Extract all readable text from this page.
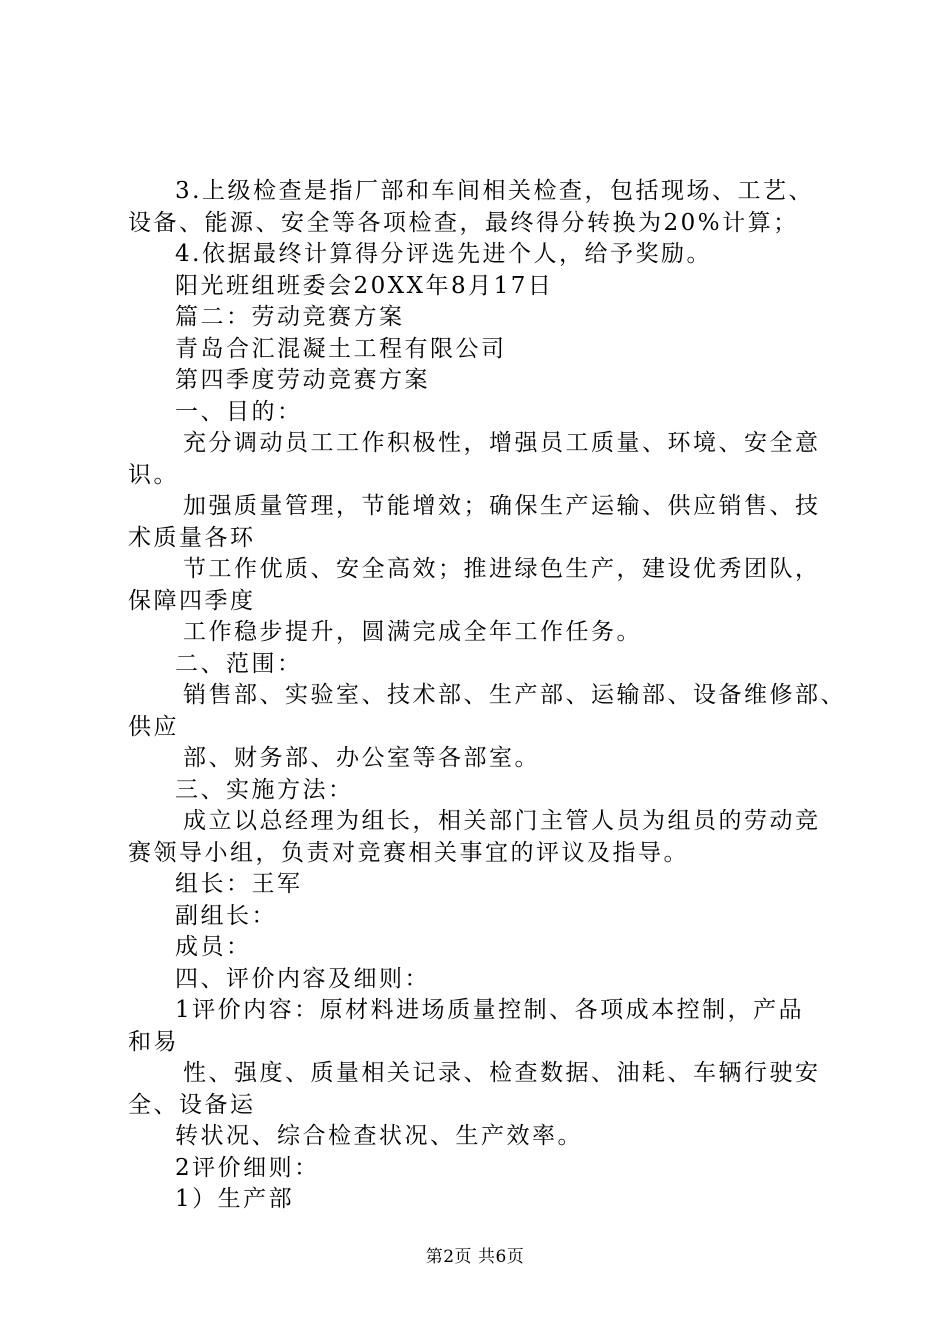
3.上级检查是指厂部和车间相关检查，包括现场、工艺、
设备、能源、安全等各项检查，最终得分转换为20%计算；
4.依据最终计算得分评选先进个人，给予奖励。
阳光班组班委会20XX年8月17日
篇二：劳动竞赛方案
青岛合汇混凝土工程有限公司
第四季度劳动竞赛方案
一、目的：
充分调动员工工作积极性，增强员工质量、环境、安全意
识。
加强质量管理，节能增效；确保生产运输、供应销售、技
术质量各环
节工作优质、安全高效；推进绿色生产，建设优秀团队，
保障四季度
工作稳步提升，圆满完成全年工作任务。
二、范围：
销售部、实验室、技术部、生产部、运输部、设备维修部、
供应
部、财务部、办公室等各部室。
三、实施方法：
成立以总经理为组长，相关部门主管人员为组员的劳动竞
赛领导小组，负责对竞赛相关事宜的评议及指导。
组长：王军
副组长：
成员：
四、评价内容及细则：
1评价内容：原材料进场质量控制、各项成本控制，产品
和易
性、强度、质量相关记录、检查数据、油耗、车辆行驶安
全、设备运
转状况、综合检查状况、生产效率。
2评价细则：
1）生产部
第2页 共6页
